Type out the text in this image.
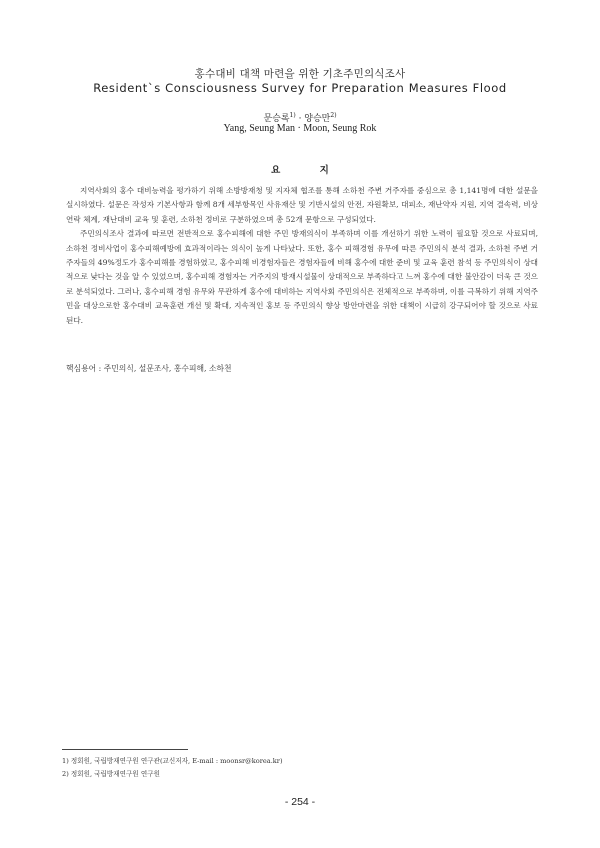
홍수대비 대책 마련을 위한 기초주민의식조사
Resident`s Consciousness Survey for Preparation Measures Flood
문승록$^{1)}$ · 양승만$^{2)}$
Yang, Seung Man · Moon, Seung Rok
요 지

지역사회의 홍수 대비능력을 평가하기 위해 소방방재청 및 지자체 협조를 통해 소하천 주변 거주자를 중심으로 총 1,141명에 대한 설문을 실시하였다. 설문은 작성자 기본사항과 함께 8개 세부항목인 사유재산 및 기반시설의 안전, 자원확보, 대피소, 재난약자 지원, 지역 결속력, 비상연락 체계, 재난대비 교육 및 훈련, 소하천 정비로 구분하였으며 총 52개 문항으로 구성되었다.

주민의식조사 결과에 따르면 전반적으로 홍수피해에 대한 주민 방재의식이 부족하며 이를 개선하기 위한 노력이 필요할 것으로 사료되며, 소하천 정비사업이 홍수피해예방에 효과적이라는 의식이 높게 나타났다. 또한, 홍수 피해경험 유무에 따른 주민의식 분석 결과, 소하천 주변 거주자들의 49%정도가 홍수피해를 경험하였고, 홍수피해 비경험자들은 경험자들에 비해 홍수에 대한 준비 및 교육 훈련 참석 등 주민의식이 상대적으로 낮다는 것을 알 수 있었으며, 홍수피해 경험자는 거주지의 방재시설물이 상대적으로 부족하다고 느껴 홍수에 대한 불안감이 더욱 큰 것으로 분석되었다. 그러나, 홍수피해 경험 유무와 무관하게 홍수에 대비하는 지역사회 주민의식은 전체적으로 부족하며, 이를 극복하기 위해 지역주민을 대상으로한 홍수대비 교육훈련 개선 및 확대, 지속적인 홍보 등 주민의식 향상 방안마련을 위한 대책이 시급히 강구되어야 할 것으로 사료된다.

핵심용어 : 주민의식, 설문조사, 홍수피해, 소하천
1) 정회원, 국립방재연구원 연구관(교신저자, E-mail : moonsr@korea.kr)
2) 정회원, 국립방재연구원 연구원
- 254 -
